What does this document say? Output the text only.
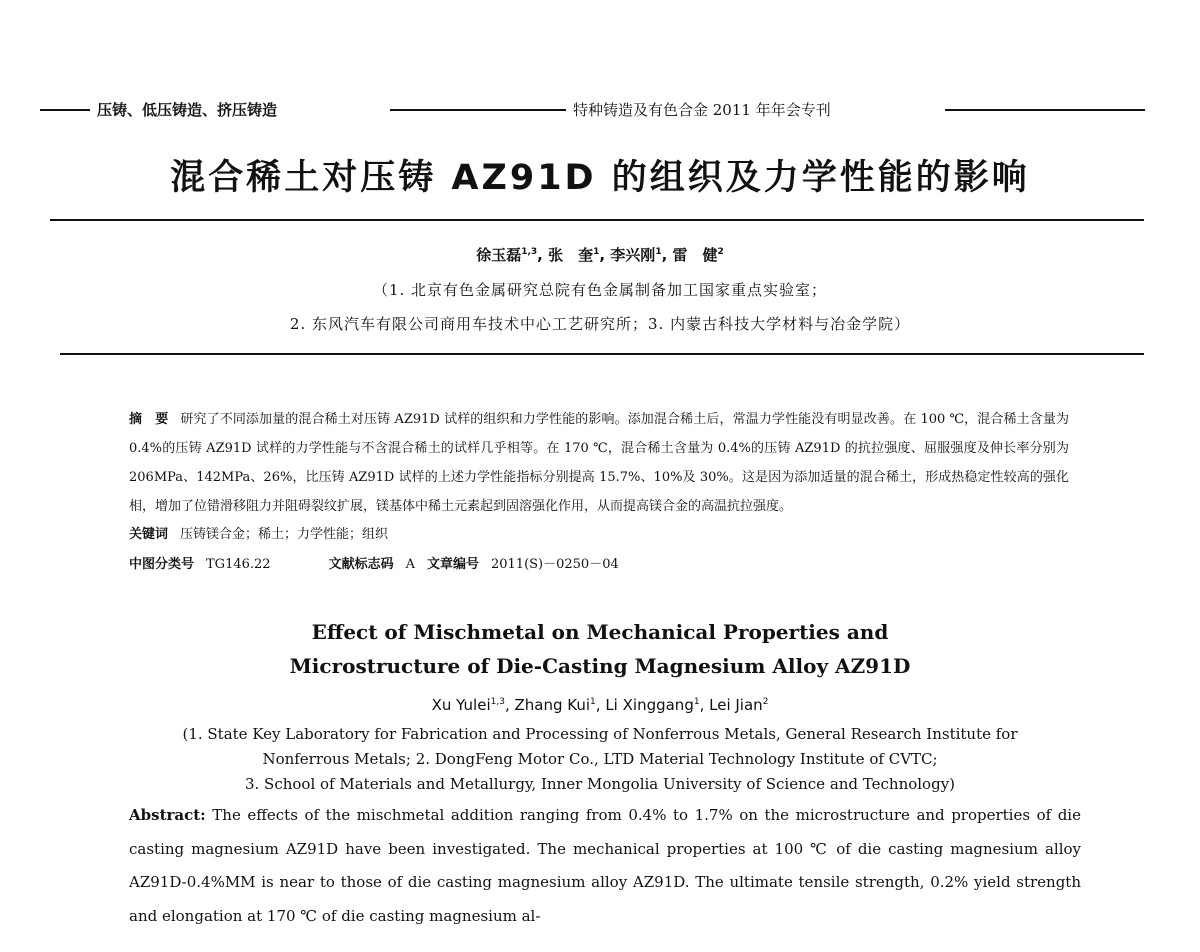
压铸、低压铸造、挤压铸造	特种铸造及有色合金 2011 年年会专刊
混合稀土对压铸 AZ91D 的组织及力学性能的影响
徐玉磊$^{1,3}$, 张　奎$^1$, 李兴刚$^1$, 雷　健$^2$
（1. 北京有色金属研究总院有色金属制备加工国家重点实验室；
2. 东风汽车有限公司商用车技术中心工艺研究所；3. 内蒙古科技大学材料与冶金学院）
摘　要 研究了不同添加量的混合稀土对压铸 AZ91D 试样的组织和力学性能的影响。添加混合稀土后，常温力学性能没有明显改善。在 100 ℃，混合稀土含量为 0.4%的压铸 AZ91D 试样的力学性能与不含混合稀土的试样几乎相等。在 170 ℃，混合稀土含量为 0.4%的压铸 AZ91D 的抗拉强度、屈服强度及伸长率分别为 206MPa、142MPa、26%，比压铸 AZ91D 试样的上述力学性能指标分别提高 15.7%、10%及 30%。这是因为添加适量的混合稀土，形成热稳定性较高的强化相，增加了位错滑移阻力并阻碍裂纹扩展，镁基体中稀土元素起到固溶强化作用，从而提高镁合金的高温抗拉强度。
关键词 压铸镁合金；稀土；力学性能；组织
中图分类号 TG146.22	文献标志码 A 文章编号 2011(S)－0250－04
Effect of Mischmetal on Mechanical Properties and
Microstructure of Die-Casting Magnesium Alloy AZ91D
Xu Yulei$^{1,3}$, Zhang Kui$^1$, Li Xinggang$^1$, Lei Jian$^2$
(1. State Key Laboratory for Fabrication and Processing of Nonferrous Metals, General Research Institute for
Nonferrous Metals; 2. DongFeng Motor Co., LTD Material Technology Institute of CVTC;
3. School of Materials and Metallurgy, Inner Mongolia University of Science and Technology)
Abstract: The effects of the mischmetal addition ranging from 0.4% to 1.7% on the microstructure and properties of die casting magnesium AZ91D have been investigated. The mechanical properties at 100 ℃ of die casting magnesium alloy AZ91D-0.4%MM is near to those of die casting magnesium alloy AZ91D. The ultimate tensile strength, 0.2% yield strength and elongation at 170 ℃ of die casting magnesium al-
